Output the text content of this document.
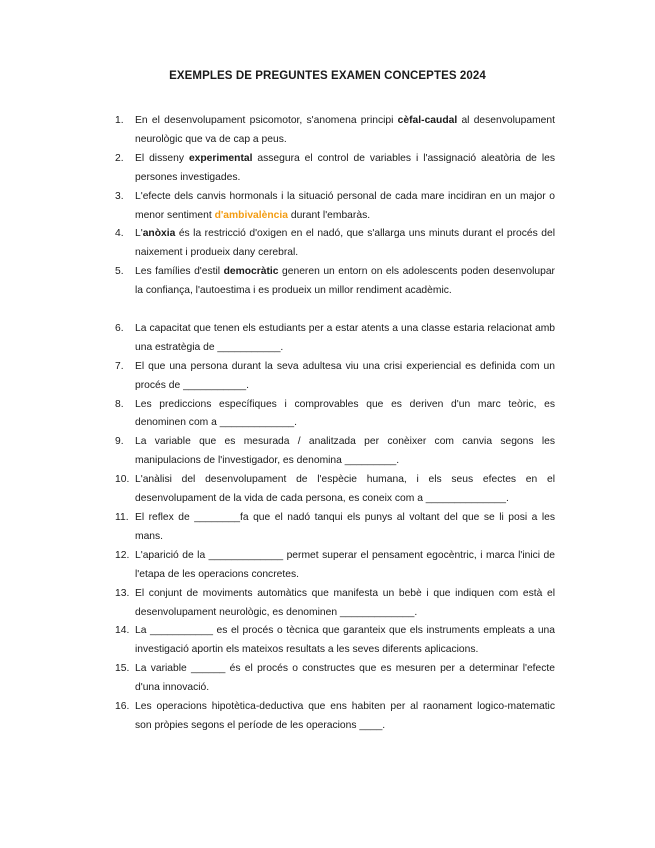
EXEMPLES DE PREGUNTES EXAMEN CONCEPTES 2024
1. En el desenvolupament psicomotor, s'anomena principi cèfal-caudal al desenvolupament neurològic que va de cap a peus.
2. El disseny experimental assegura el control de variables i l'assignació aleatòria de les persones investigades.
3. L'efecte dels canvis hormonals i la situació personal de cada mare incidiran en un major o menor sentiment d'ambivalència durant l'embaràs.
4. L'anòxia és la restricció d'oxigen en el nadó, que s'allarga uns minuts durant el procés del naixement i produeix dany cerebral.
5. Les famílies d'estil democràtic generen un entorn on els adolescents poden desenvolupar la confiança, l'autoestima i es produeix un millor rendiment acadèmic.
6. La capacitat que tenen els estudiants per a estar atents a una classe estaria relacionat amb una estratègia de ___________.
7. El que una persona durant la seva adultesa viu una crisi experiencial es definida com un procés de ___________.
8. Les prediccions específiques i comprovables que es deriven d'un marc teòric, es denominen com a _____________.
9. La variable que es mesurada / analitzada per conèixer com canvia segons les manipulacions de l'investigador, es denomina _________.
10. L'anàlisi del desenvolupament de l'espècie humana, i els seus efectes en el desenvolupament de la vida de cada persona, es coneix com a ______________.
11. El reflex de ________fa que el nadó tanqui els punys al voltant del que se li posi a les mans.
12. L'aparició de la _____________ permet superar el pensament egocèntric, i marca l'inici de l'etapa de les operacions concretes.
13. El conjunt de moviments automàtics que manifesta un bebè i que indiquen com està el desenvolupament neurològic, es denominen _____________.
14. La ___________ es el procés o tècnica que garanteix que els instruments empleats a una investigació aportin els mateixos resultats a les seves diferents aplicacions.
15. La variable ______ és el procés o constructes que es mesuren per a determinar l'efecte d'una innovació.
16. Les operacions hipotètica-deductiva que ens habiten per al raonament logico-matematic son pròpies segons el període de les operacions ____.
